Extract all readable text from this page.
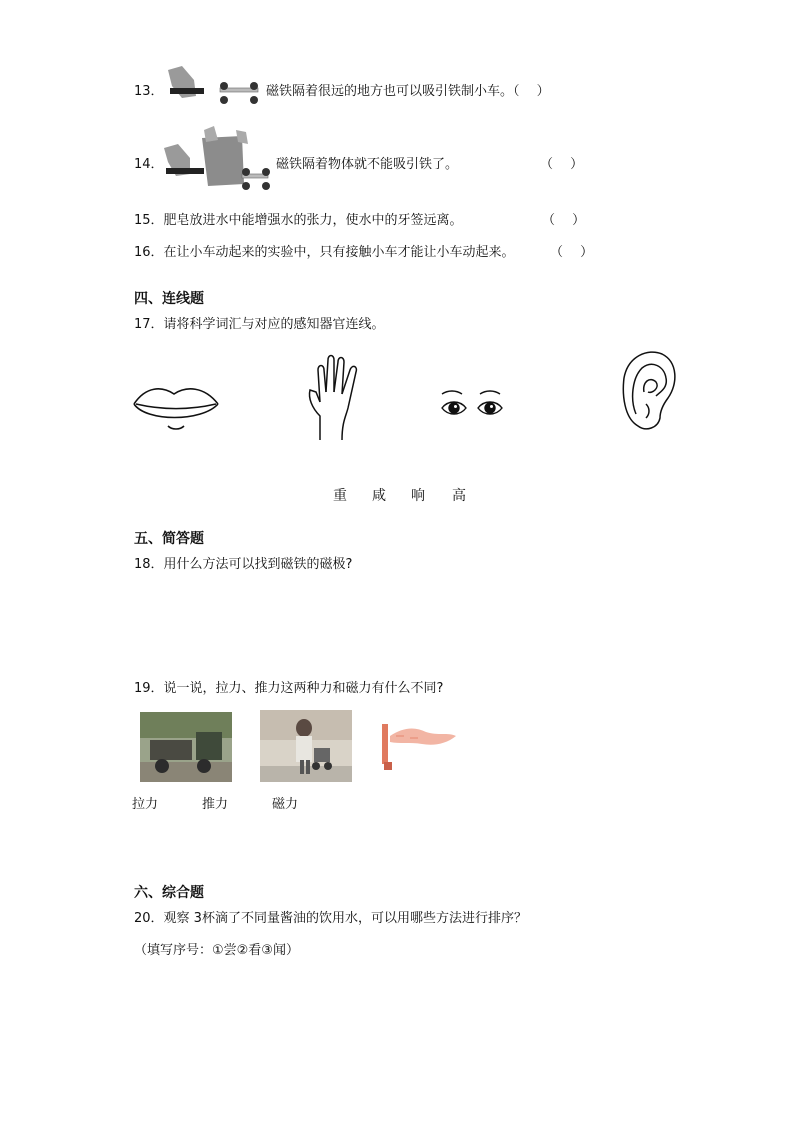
13．	磁铁隔着很远的地方也可以吸引铁制小车。（　 ）
14．	磁铁隔着物体就不能吸引铁了。	（　 ）
15．肥皂放进水中能增强水的张力，使水中的牙签远离。	（　 ）
16．在让小车动起来的实验中，只有接触小车才能让小车动起来。	（　 ）
四、连线题
17．请将科学词汇与对应的感知器官连线。
重 咸 响 高
五、简答题
18．用什么方法可以找到磁铁的磁极?
19．说一说，拉力、推力这两种力和磁力有什么不同?
拉力	推力	磁力
六、综合题
20．观察 3杯滴了不同量酱油的饮用水，可以用哪些方法进行排序？
（填写序号：①尝②看③闻）
